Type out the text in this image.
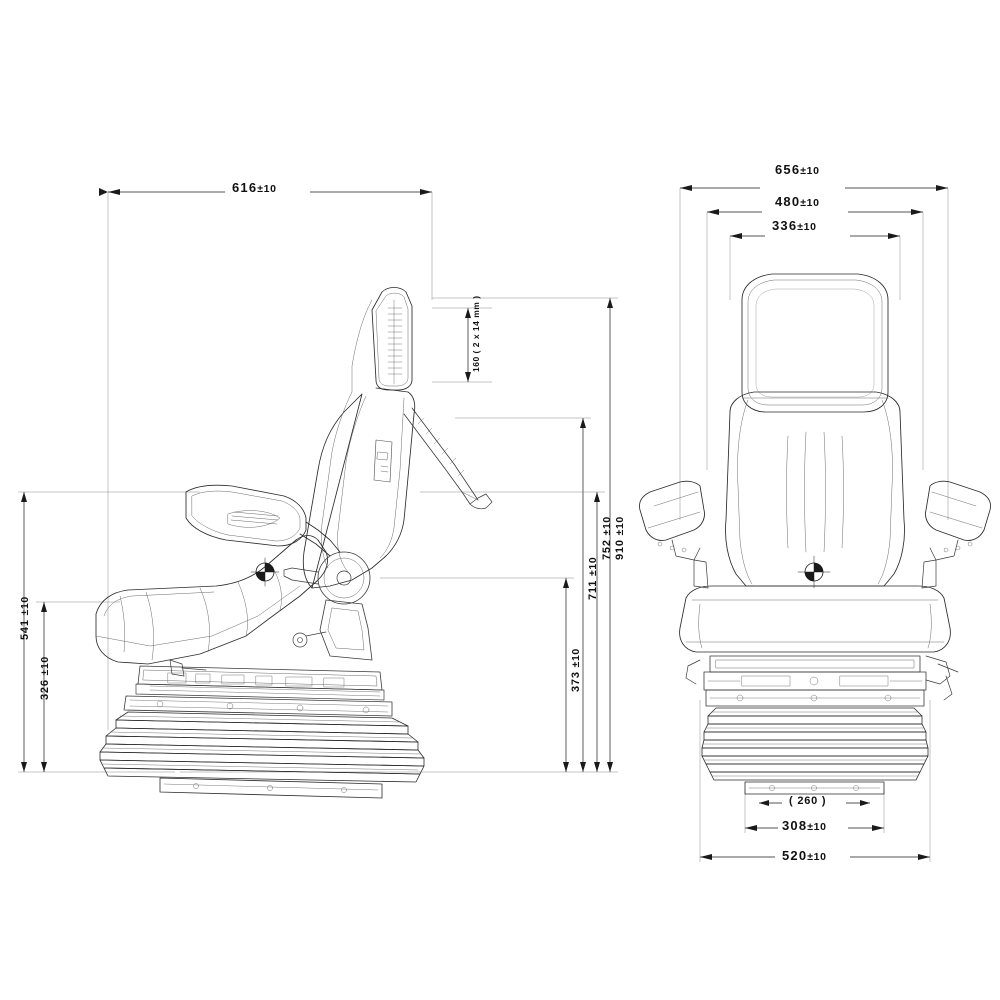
616±10
160 ( 2 x 14 mm )
711 ±10
752 ±10
910 ±10
373 ±10
541 ±10
326 ±10
656±10
480±10
336±10
( 260 )
308±10
520±10
